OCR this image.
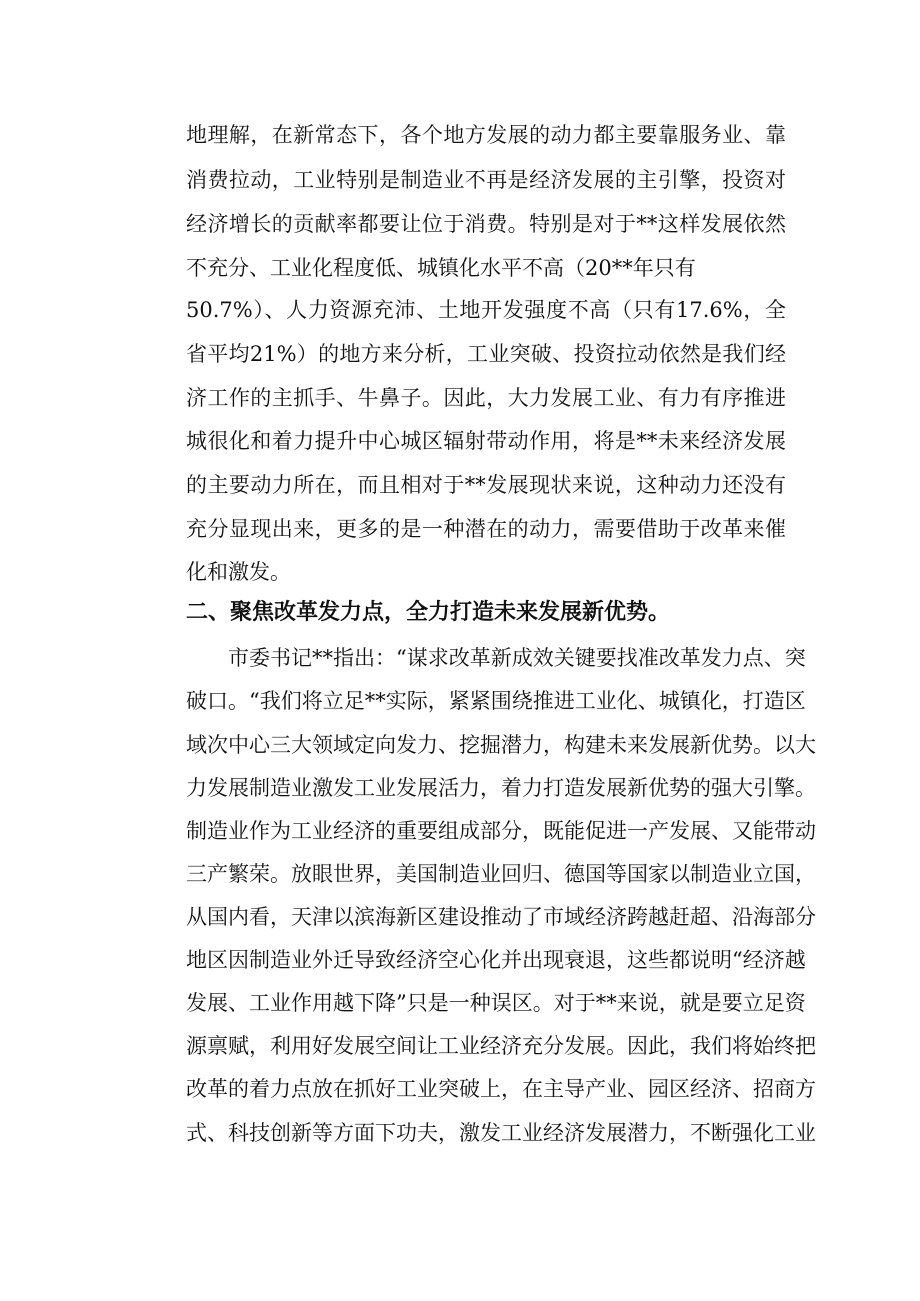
地理解，在新常态下，各个地方发展的动力都主要靠服务业、靠
消费拉动，工业特别是制造业不再是经济发展的主引擎，投资对
经济增长的贡献率都要让位于消费。特别是对于**这样发展依然
不充分、工业化程度低、城镇化水平不高（20**年只有
50.7%）、人力资源充沛、土地开发强度不高（只有17.6%，全
省平均21%）的地方来分析，工业突破、投资拉动依然是我们经
济工作的主抓手、牛鼻子。因此，大力发展工业、有力有序推进
城很化和着力提升中心城区辐射带动作用，将是**未来经济发展
的主要动力所在，而且相对于**发展现状来说，这种动力还没有
充分显现出来，更多的是一种潜在的动力，需要借助于改革来催
化和激发。
二、聚焦改革发力点，全力打造未来发展新优势。
市委书记**指出：“谋求改革新成效关键要找准改革发力点、突
破口。“我们将立足**实际，紧紧围绕推进工业化、城镇化，打造区
域次中心三大领域定向发力、挖掘潜力，构建未来发展新优势。以大
力发展制造业激发工业发展活力，着力打造发展新优势的强大引擎。
制造业作为工业经济的重要组成部分，既能促进一产发展、又能带动
三产繁荣。放眼世界，美国制造业回归、德国等国家以制造业立国，
从国内看，天津以滨海新区建设推动了市域经济跨越赶超、沿海部分
地区因制造业外迁导致经济空心化并出现衰退，这些都说明“经济越
发展、工业作用越下降”只是一种误区。对于**来说，就是要立足资
源禀赋，利用好发展空间让工业经济充分发展。因此，我们将始终把
改革的着力点放在抓好工业突破上，在主导产业、园区经济、招商方
式、科技创新等方面下功夫，激发工业经济发展潜力，不断强化工业
